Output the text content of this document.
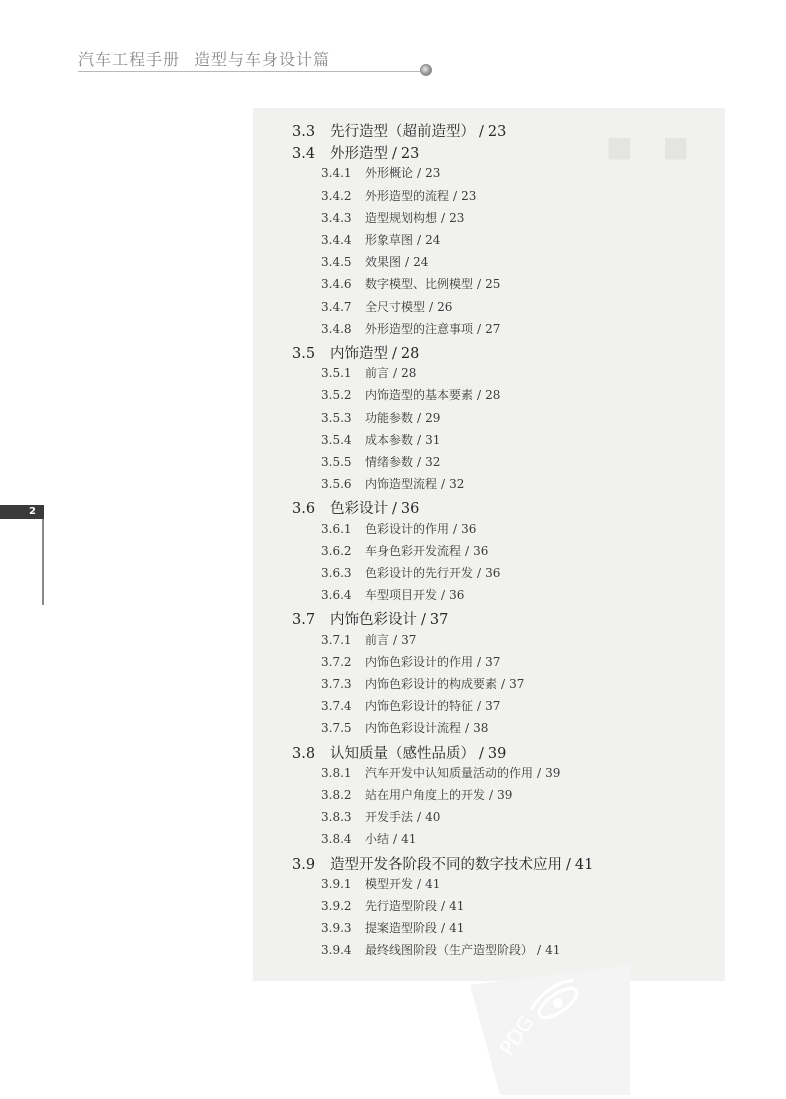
汽车工程手册 造型与车身设计篇
■■
3.3 先行造型（超前造型） / 23
3.4 外形造型 / 23
3.4.1 外形概论 / 23
3.4.2 外形造型的流程 / 23
3.4.3 造型规划构想 / 23
3.4.4 形象草图 / 24
3.4.5 效果图 / 24
3.4.6 数字模型、比例模型 / 25
3.4.7 全尺寸模型 / 26
3.4.8 外形造型的注意事项 / 27
3.5 内饰造型 / 28
3.5.1 前言 / 28
3.5.2 内饰造型的基本要素 / 28
3.5.3 功能参数 / 29
3.5.4 成本参数 / 31
3.5.5 情绪参数 / 32
3.5.6 内饰造型流程 / 32
3.6 色彩设计 / 36
3.6.1 色彩设计的作用 / 36
3.6.2 车身色彩开发流程 / 36
3.6.3 色彩设计的先行开发 / 36
3.6.4 车型项目开发 / 36
3.7 内饰色彩设计 / 37
3.7.1 前言 / 37
3.7.2 内饰色彩设计的作用 / 37
3.7.3 内饰色彩设计的构成要素 / 37
3.7.4 内饰色彩设计的特征 / 37
3.7.5 内饰色彩设计流程 / 38
3.8 认知质量（感性品质） / 39
3.8.1 汽车开发中认知质量活动的作用 / 39
3.8.2 站在用户角度上的开发 / 39
3.8.3 开发手法 / 40
3.8.4 小结 / 41
3.9 造型开发各阶段不同的数字技术应用 / 41
3.9.1 模型开发 / 41
3.9.2 先行造型阶段 / 41
3.9.3 提案造型阶段 / 41
3.9.4 最终线图阶段（生产造型阶段） / 41
2
PDG
